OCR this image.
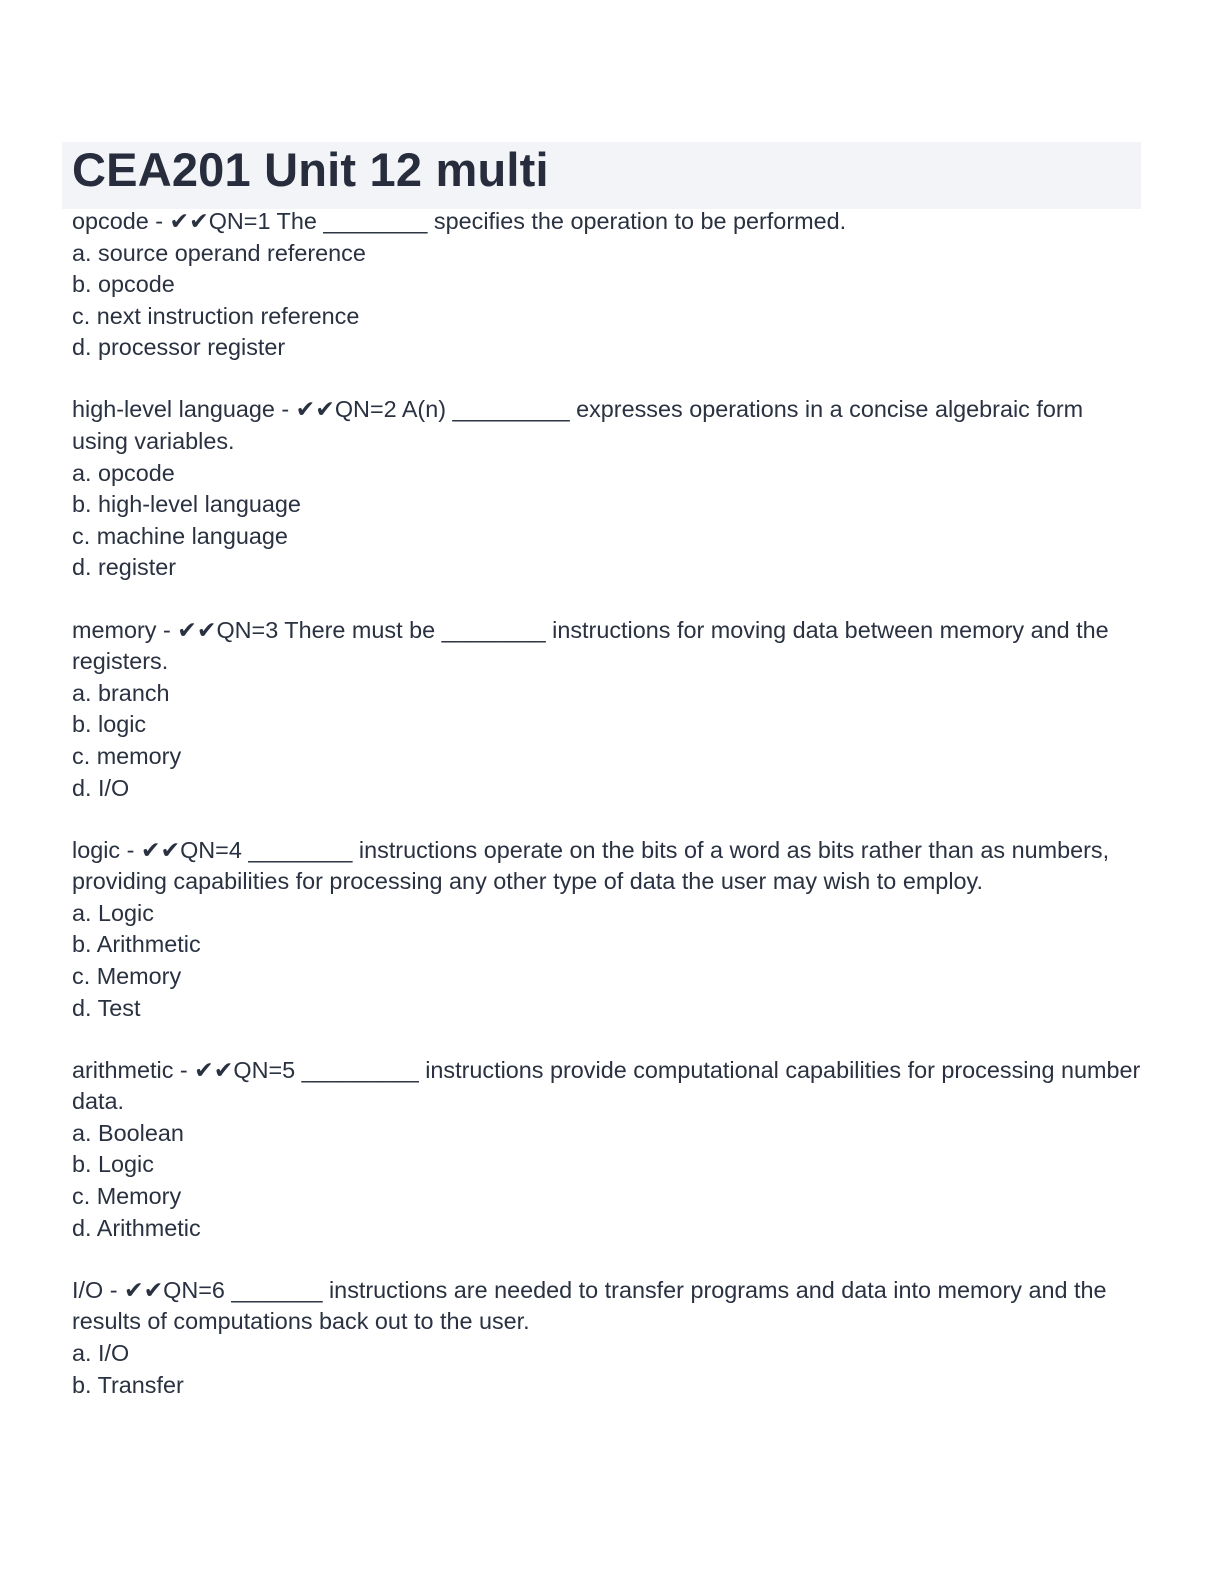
CEA201 Unit 12 multi

opcode - ✔✔QN=1 The ________ specifies the operation to be performed.

a. source operand reference

b. opcode

c. next instruction reference

d. processor register

high-level language - ✔✔QN=2 A(n) _________ expresses operations in a concise algebraic form using variables.

a. opcode

b. high-level language

c. machine language

d. register

memory - ✔✔QN=3 There must be ________ instructions for moving data between memory and the registers.

a. branch

b. logic

c. memory

d. I/O

logic - ✔✔QN=4 ________ instructions operate on the bits of a word as bits rather than as numbers, providing capabilities for processing any other type of data the user may wish to employ.

a. Logic

b. Arithmetic

c. Memory

d. Test

arithmetic - ✔✔QN=5 _________ instructions provide computational capabilities for processing number data.

a. Boolean

b. Logic

c. Memory

d. Arithmetic

I/O - ✔✔QN=6 _______ instructions are needed to transfer programs and data into memory and the results of computations back out to the user.

a. I/O

b. Transfer
